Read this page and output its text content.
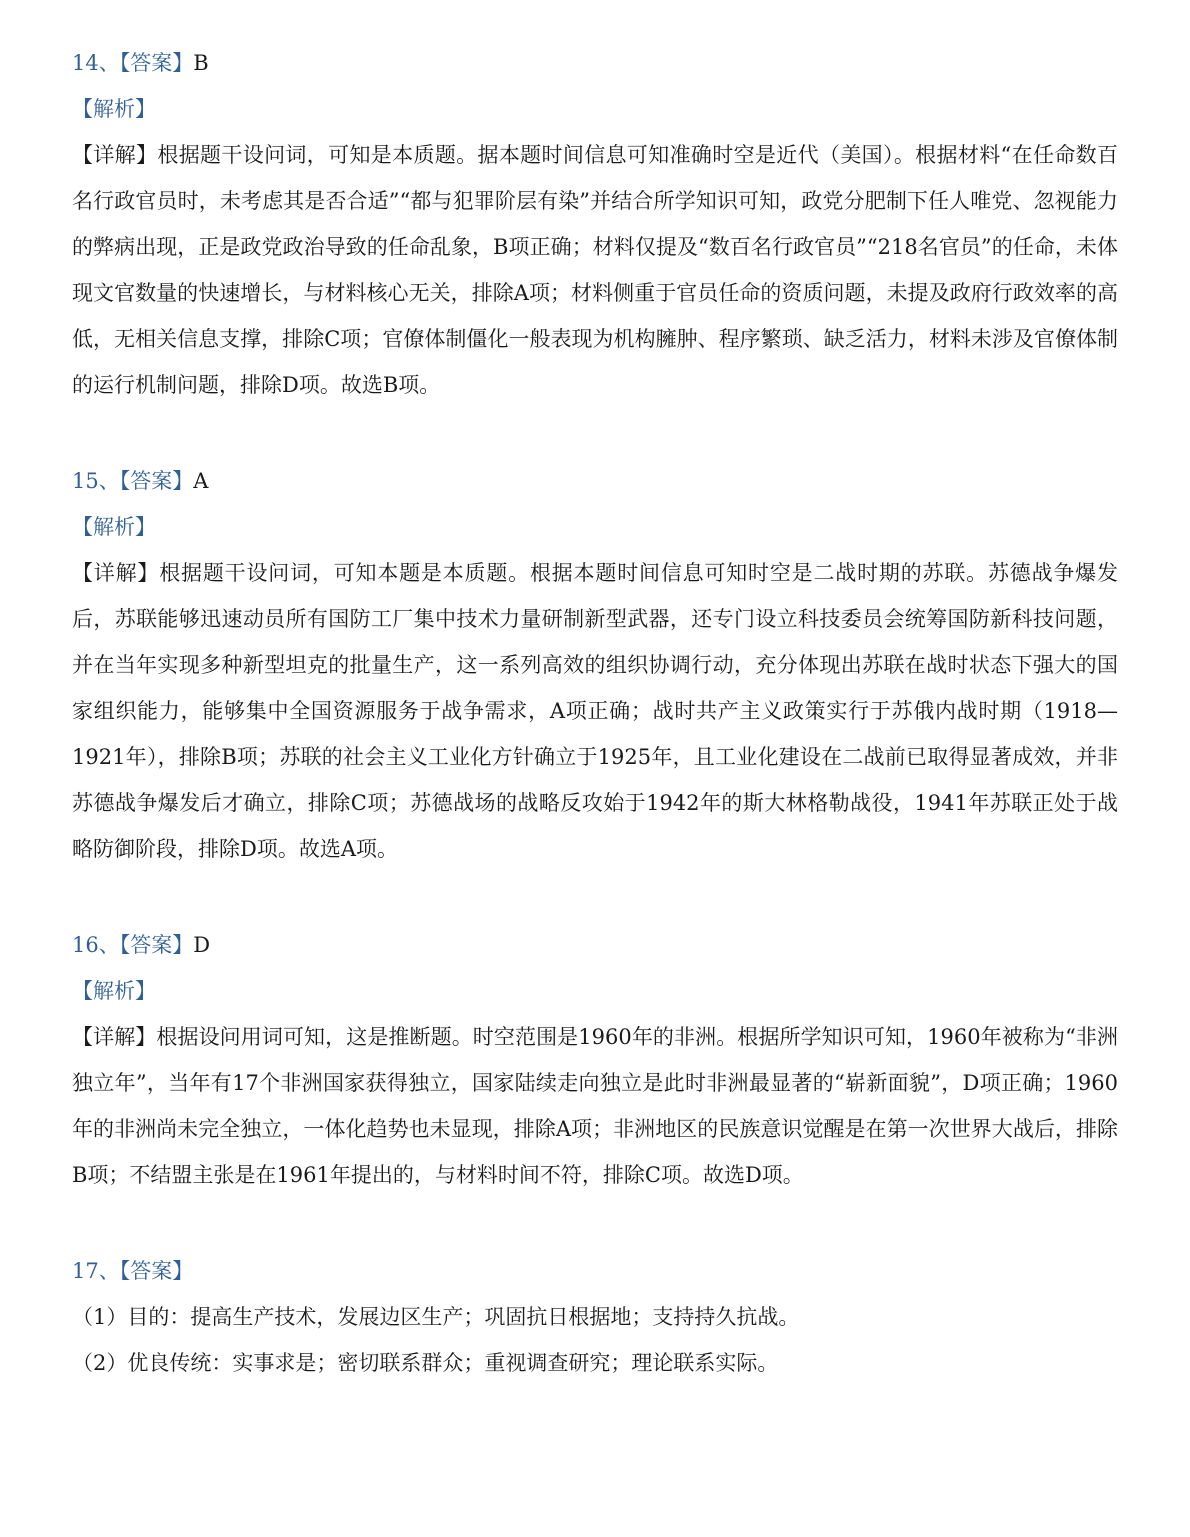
14、【答案】B
【解析】

【详解】根据题干设问词，可知是本质题。据本题时间信息可知准确时空是近代（美国）。根据材料“在任命数百名行政官员时，未考虑其是否合适”“都与犯罪阶层有染”并结合所学知识可知，政党分肥制下任人唯党、忽视能力的弊病出现，正是政党政治导致的任命乱象，B项正确；材料仅提及“数百名行政官员”“218名官员”的任命，未体现文官数量的快速增长，与材料核心无关，排除A项；材料侧重于官员任命的资质问题，未提及政府行政效率的高低，无相关信息支撑，排除C项；官僚体制僵化一般表现为机构臃肿、程序繁琐、缺乏活力，材料未涉及官僚体制的运行机制问题，排除D项。故选B项。

15、【答案】A
【解析】

【详解】根据题干设问词，可知本题是本质题。根据本题时间信息可知时空是二战时期的苏联。苏德战争爆发后，苏联能够迅速动员所有国防工厂集中技术力量研制新型武器，还专门设立科技委员会统筹国防新科技问题，并在当年实现多种新型坦克的批量生产，这一系列高效的组织协调行动，充分体现出苏联在战时状态下强大的国家组织能力，能够集中全国资源服务于战争需求，A项正确；战时共产主义政策实行于苏俄内战时期（1918—1921年），排除B项；苏联的社会主义工业化方针确立于1925年，且工业化建设在二战前已取得显著成效，并非苏德战争爆发后才确立，排除C项；苏德战场的战略反攻始于1942年的斯大林格勒战役，1941年苏联正处于战略防御阶段，排除D项。故选A项。

16、【答案】D
【解析】

【详解】根据设问用词可知，这是推断题。时空范围是1960年的非洲。根据所学知识可知，1960年被称为“非洲独立年”，当年有17个非洲国家获得独立，国家陆续走向独立是此时非洲最显著的“崭新面貌”，D项正确；1960年的非洲尚未完全独立，一体化趋势也未显现，排除A项；非洲地区的民族意识觉醒是在第一次世界大战后，排除B项；不结盟主张是在1961年提出的，与材料时间不符，排除C项。故选D项。

17、【答案】

（1）目的：提高生产技术，发展边区生产；巩固抗日根据地；支持持久抗战。

（2）优良传统：实事求是；密切联系群众；重视调查研究；理论联系实际。
